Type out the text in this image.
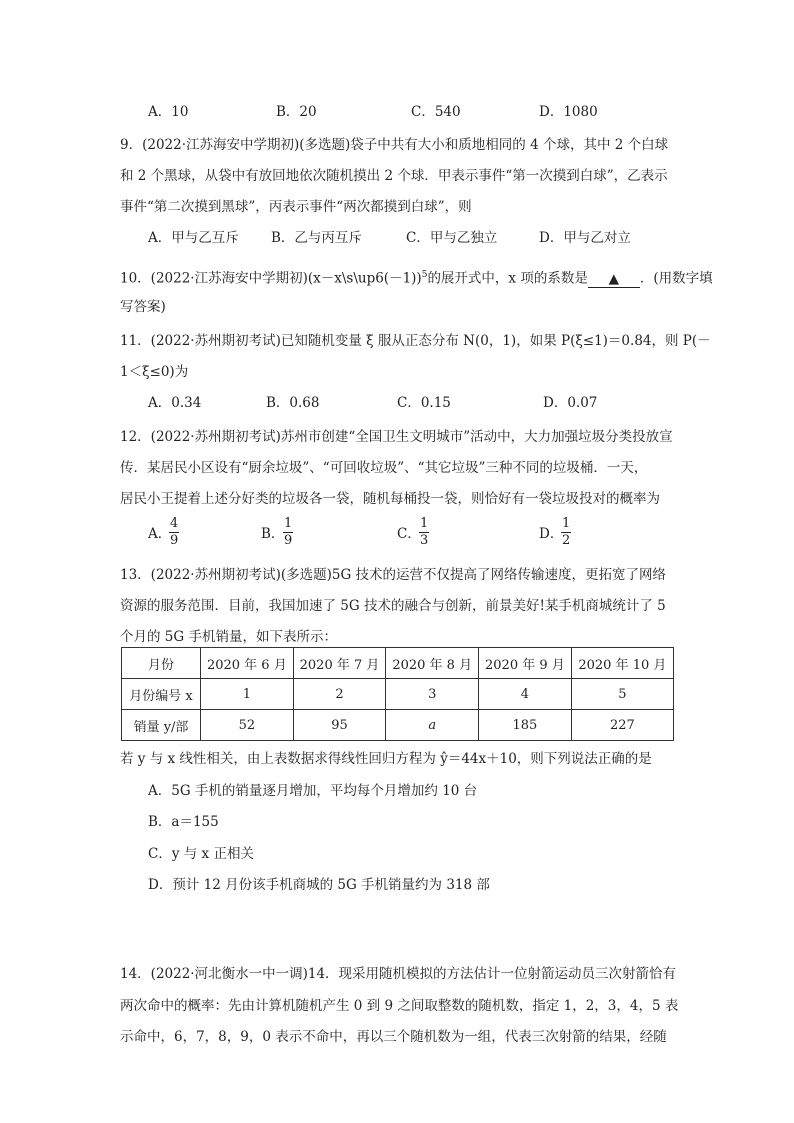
A．10	B．20	C．540	D．1080
9．(2022·江苏海安中学期初)(多选题)袋子中共有大小和质地相同的 4 个球，其中 2 个白球
和 2 个黑球，从袋中有放回地依次随机摸出 2 个球．甲表示事件“第一次摸到白球”，乙表示
事件“第二次摸到黑球”，丙表示事件“两次都摸到白球”，则
A．甲与乙互斥 B．乙与丙互斥	C．甲与乙独立	D．甲与乙对立
10．(2022·江苏海安中学期初)(x－x\s\up6(－1))$^5$的展开式中，x 项的系数是 ▲ ．(用数字填
写答案)
11．(2022·苏州期初考试)已知随机变量 ξ 服从正态分布 N(0，1)，如果 P(ξ≤1)＝0.84，则 P(－
1＜ξ≤0)为
A．0.34	B．0.68	C．0.15	D．0.07
12．(2022·苏州期初考试)苏州市创建“全国卫生文明城市”活动中，大力加强垃圾分类投放宣
传．某居民小区设有“厨余垃圾”、“可回收垃圾”、“其它垃圾”三种不同的垃圾桶．一天，
居民小王提着上述分好类的垃圾各一袋，随机每桶投一袋，则恰好有一袋垃圾投对的概率为
A．
$\frac{4}{9}$	B．
$\frac{1}{9}$	C．
$\frac{1}{3}$	D．
$\frac{1}{2}$
13．(2022·苏州期初考试)(多选题)5G 技术的运营不仅提高了网络传输速度，更拓宽了网络
资源的服务范围．目前，我国加速了 5G 技术的融合与创新，前景美好!某手机商城统计了 5
个月的 5G 手机销量，如下表所示：
月份	2020 年 6 月	2020 年 7 月	2020 年 8 月	2020 年 9 月	2020 年 10 月
月份编号 x	1	2	3	4	5
销量 y/部	52	95	a	185	227
若 y 与 x 线性相关，由上表数据求得线性回归方程为 ŷ＝44x＋10，则下列说法正确的是
A．5G 手机的销量逐月增加，平均每个月增加约 10 台
B．a＝155
C．y 与 x 正相关
D．预计 12 月份该手机商城的 5G 手机销量约为 318 部
14．(2022·河北衡水一中一调)14．现采用随机模拟的方法估计一位射箭运动员三次射箭恰有
两次命中的概率：先由计算机随机产生 0 到 9 之间取整数的随机数，指定 1，2，3，4，5 表
示命中，6，7，8，9，0 表示不命中，再以三个随机数为一组，代表三次射箭的结果，经随
